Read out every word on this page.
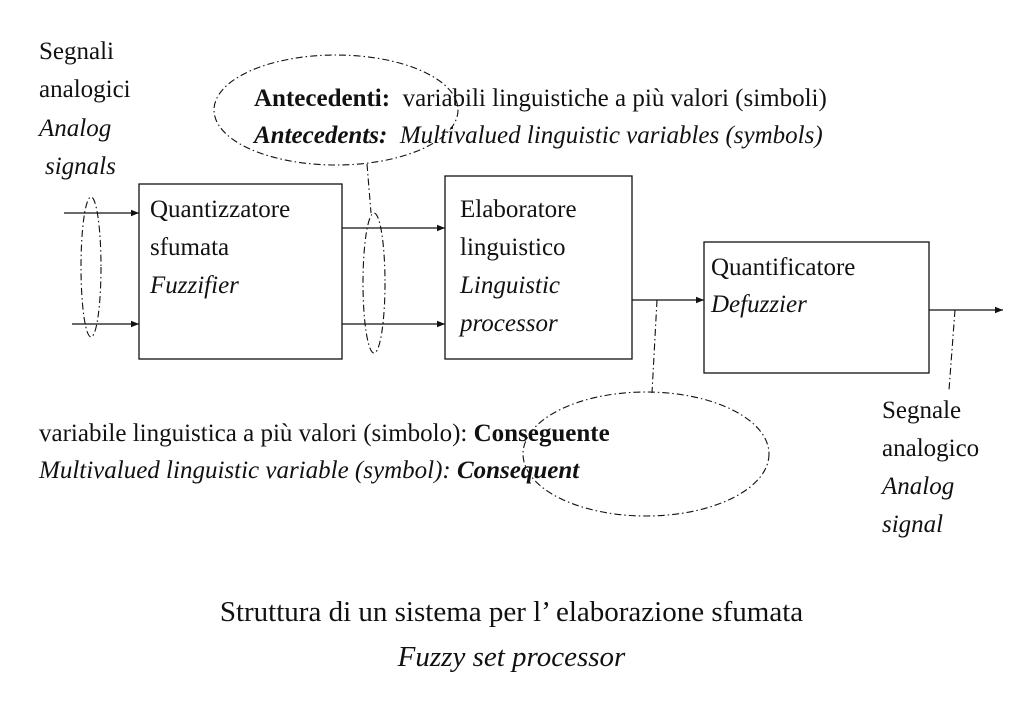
Segnali
analogici
Analog
signals
Antecedenti: variabili linguistiche a più valori (simboli)
Antecedents: Multivalued linguistic variables (symbols)
Quantizzatore
sfumata
Fuzzifier
Elaboratore
linguistico
Linguistic
processor
Quantificatore
Defuzzier
variabile linguistica a più valori (simbolo): Conseguente
Multivalued linguistic variable (symbol): Consequent
Segnale
analogico
Analog
signal
Struttura di un sistema per l’ elaborazione sfumata
Fuzzy set processor
